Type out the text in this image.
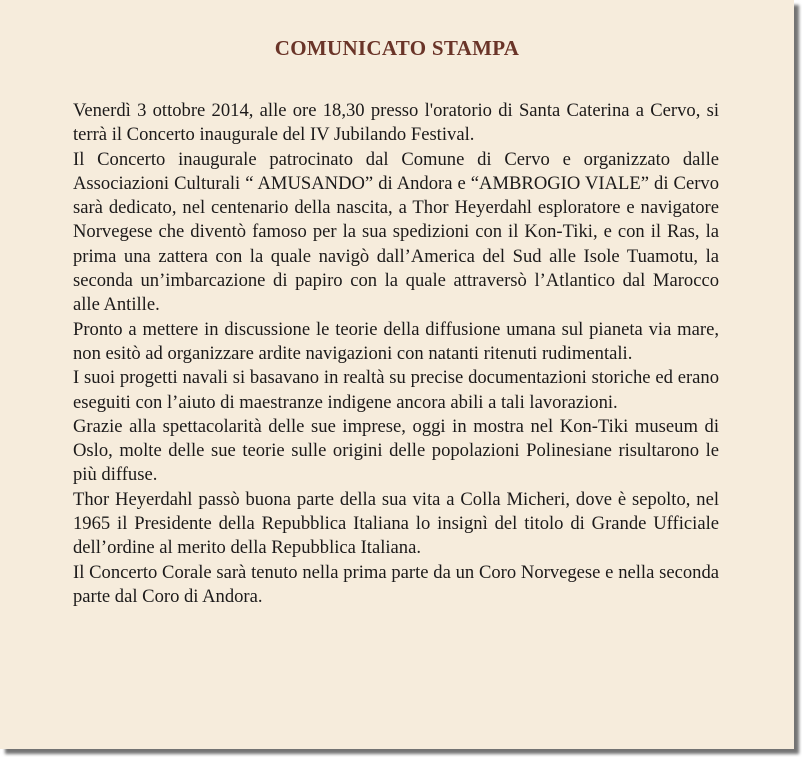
COMUNICATO STAMPA

Venerdì 3 ottobre 2014, alle ore 18,30 presso l'oratorio di Santa Caterina a Cervo, si terrà il Concerto inaugurale del IV Jubilando Festival.

Il Concerto inaugurale patrocinato dal Comune di Cervo e organizzato dalle Associazioni Culturali “ AMUSANDO” di Andora e “AMBROGIO VIALE” di Cervo sarà dedicato, nel centenario della nascita, a Thor Heyerdahl esploratore e navigatore Norvegese che diventò famoso per la sua spedizioni con il Kon-Tiki, e con il Ras, la prima una zattera con la quale navigò dall’America del Sud alle Isole Tuamotu, la seconda un’imbarcazione di papiro con la quale attraversò l’Atlantico dal Marocco alle Antille.

Pronto a mettere in discussione le teorie della diffusione umana sul pianeta via mare, non esitò ad organizzare ardite navigazioni con natanti ritenuti rudimentali.

I suoi progetti navali si basavano in realtà su precise documentazioni storiche ed erano eseguiti con l’aiuto di maestranze indigene ancora abili a tali lavorazioni.

Grazie alla spettacolarità delle sue imprese, oggi in mostra nel Kon-Tiki museum di Oslo, molte delle sue teorie sulle origini delle popolazioni Polinesiane risultarono le più diffuse.

Thor Heyerdahl passò buona parte della sua vita a Colla Micheri, dove è sepolto, nel 1965 il Presidente della Repubblica Italiana lo insignì del titolo di Grande Ufficiale dell’ordine al merito della Repubblica Italiana.

Il Concerto Corale sarà tenuto nella prima parte da un Coro Norvegese e nella seconda parte dal Coro di Andora.
